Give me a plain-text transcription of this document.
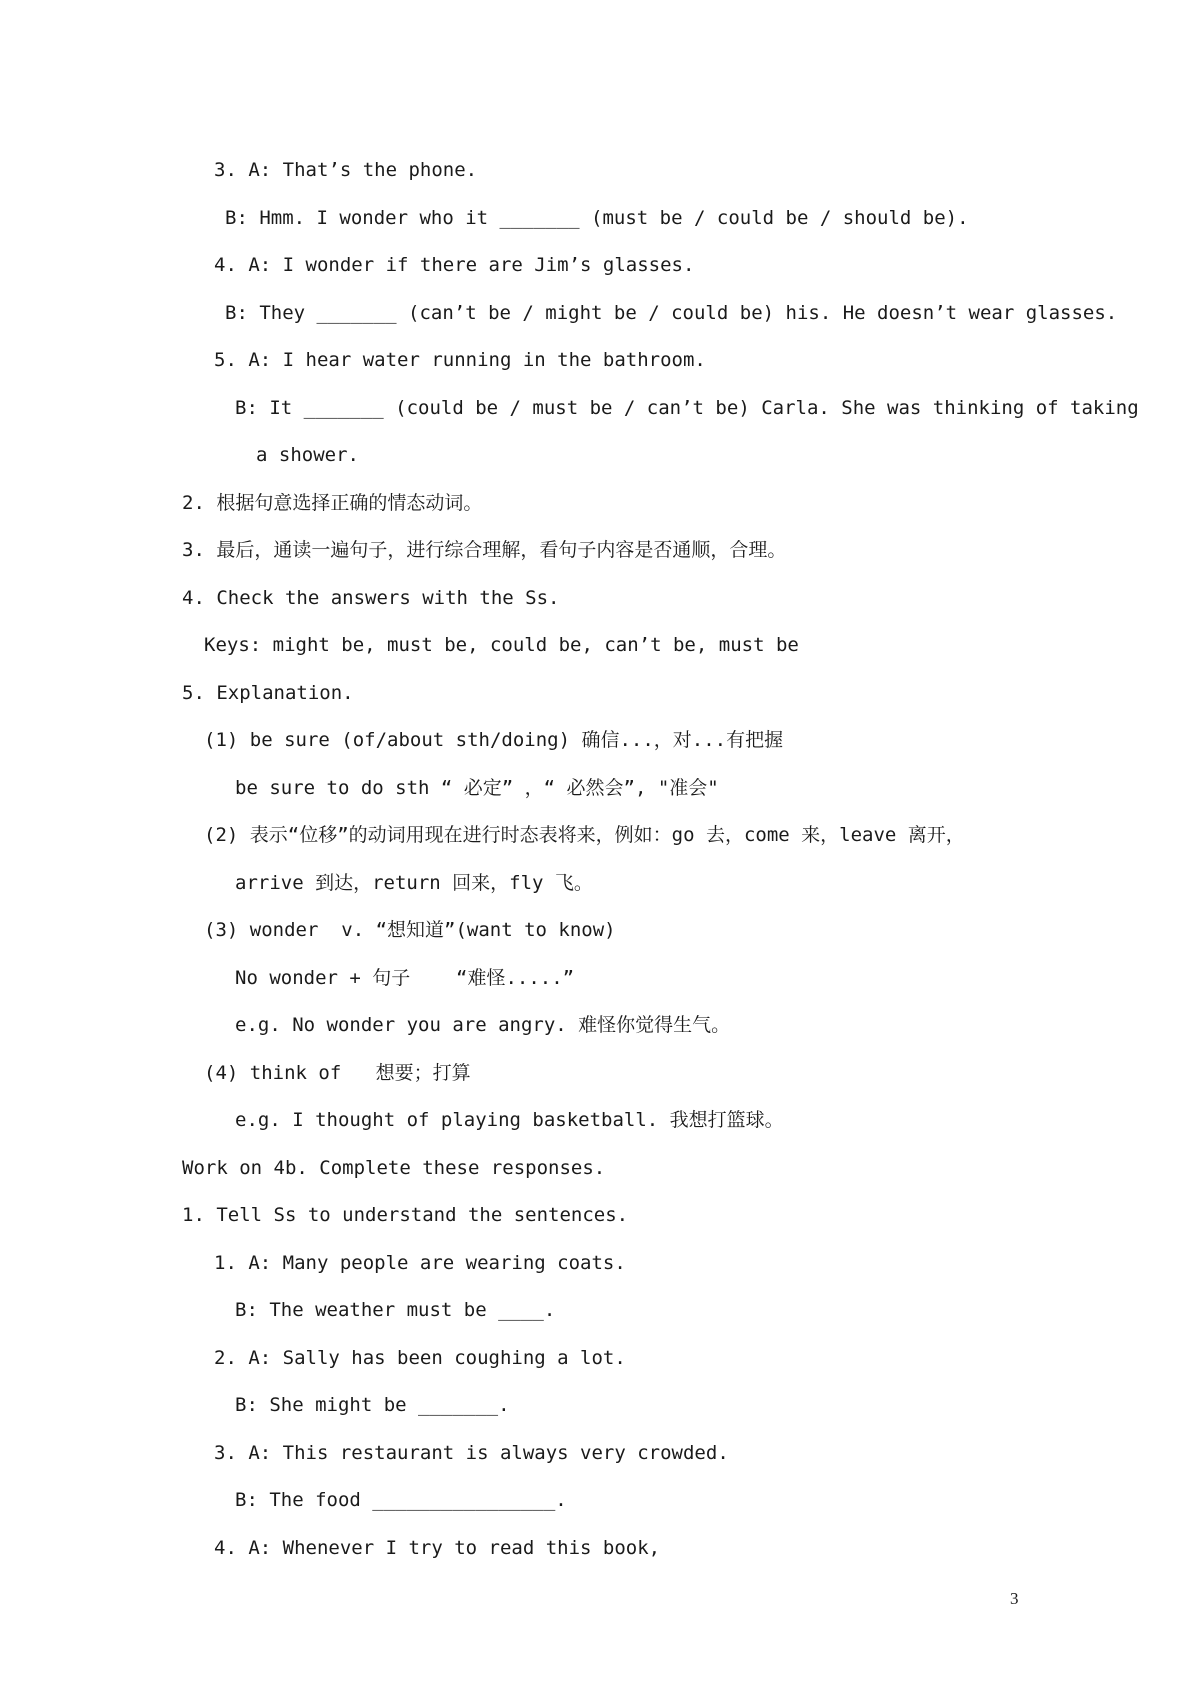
3. A: That’s the phone.
B: Hmm. I wonder who it _______ (must be / could be / should be).
4. A: I wonder if there are Jim’s glasses.
B: They _______ (can’t be / might be / could be) his. He doesn’t wear glasses.
5. A: I hear water running in the bathroom.
B: It _______ (could be / must be / can’t be) Carla. She was thinking of taking
a shower.
2. 根据句意选择正确的情态动词。
3. 最后，通读一遍句子，进行综合理解，看句子内容是否通顺，合理。
4. Check the answers with the Ss.
Keys: might be, must be, could be, can’t be, must be
5. Explanation.
(1) be sure (of/about sth/doing) 确信...，对...有把握
be sure to do sth “ 必定” ，“ 必然会”, "准会"
(2) 表示“位移”的动词用现在进行时态表将来，例如：go 去，come 来，leave 离开，
arrive 到达，return 回来，fly 飞。
(3) wonder  v. “想知道”(want to know)
No wonder + 句子    “难怪.....”
e.g. No wonder you are angry. 难怪你觉得生气。
(4) think of   想要；打算
e.g. I thought of playing basketball. 我想打篮球。
Work on 4b. Complete these responses.
1. Tell Ss to understand the sentences.
1. A: Many people are wearing coats.
B: The weather must be ____.
2. A: Sally has been coughing a lot.
B: She might be _______.
3. A: This restaurant is always very crowded.
B: The food ________________.
4. A: Whenever I try to read this book,
3
